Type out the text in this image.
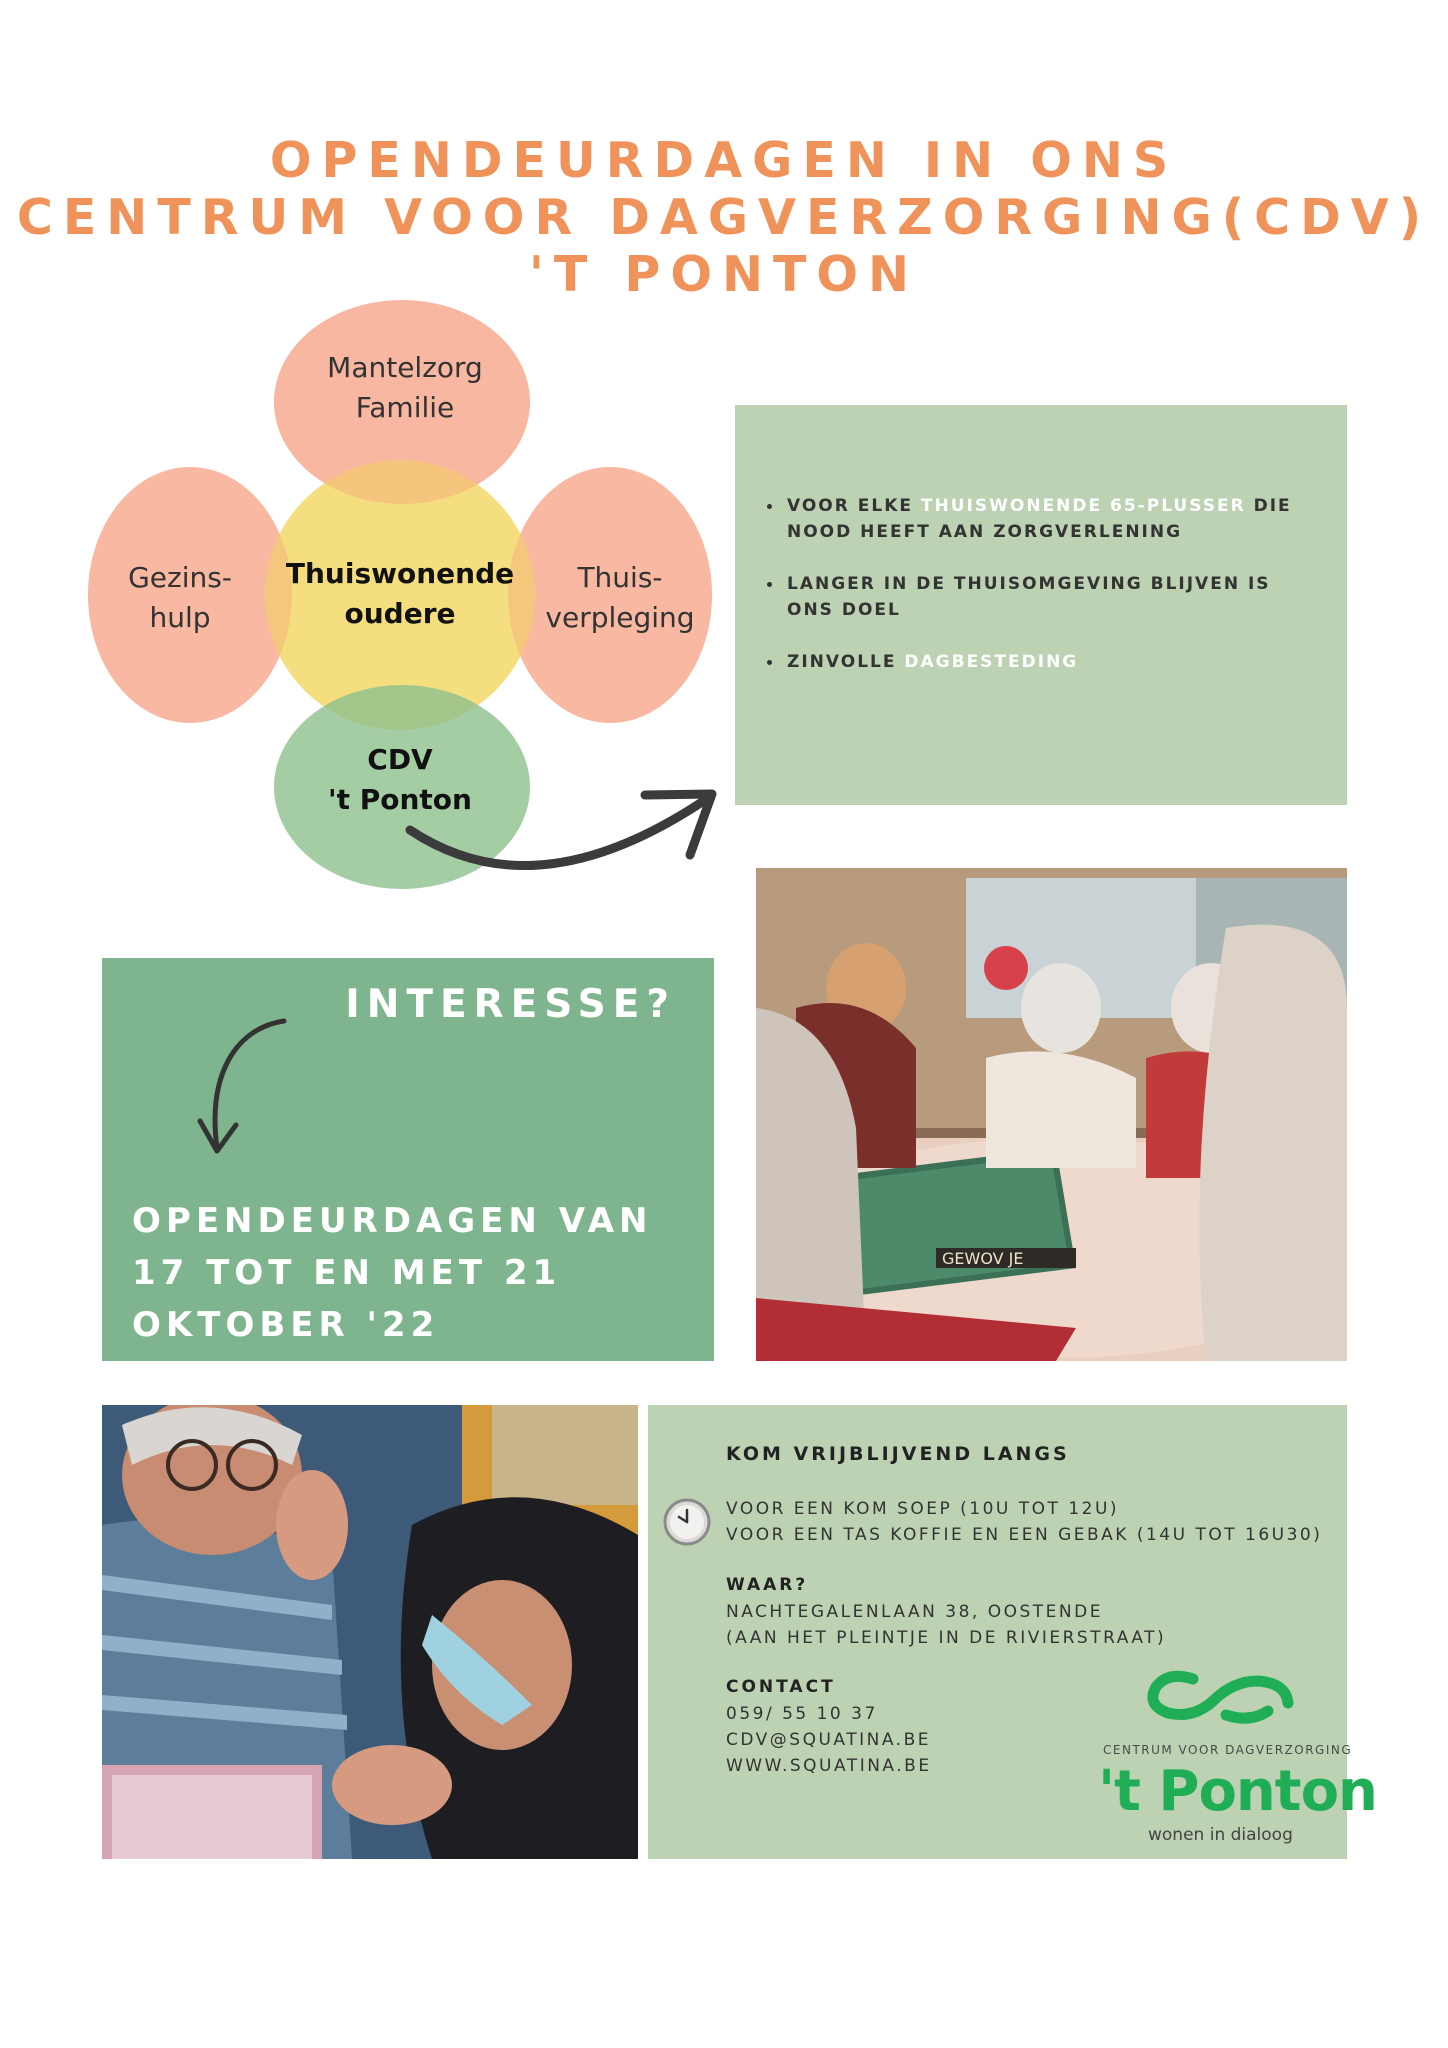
OPENDEURDAGEN IN ONS
CENTRUM VOOR DAGVERZORGING(CDV)
'T PONTON
Mantelzorg
Familie
Gezins-
hulp
Thuis-
verpleging
Thuiswonende
oudere
CDV
't Ponton
VOOR ELKE THUISWONENDE 65-PLUSSER DIE NOOD HEEFT AAN ZORGVERLENING
LANGER IN DE THUISOMGEVING BLIJVEN IS ONS DOEL
ZINVOLLE DAGBESTEDING
GEWOV JE
INTERESSE?
OPENDEURDAGEN VAN
17 TOT EN MET 21
OKTOBER '22
KOM VRIJBLIJVEND LANGS
VOOR EEN KOM SOEP (10U TOT 12U)
VOOR EEN TAS KOFFIE EN EEN GEBAK (14U TOT 16U30)
WAAR?
NACHTEGALENLAAN 38, OOSTENDE
(AAN HET PLEINTJE IN DE RIVIERSTRAAT)
CONTACT
059/ 55 10 37
CDV@SQUATINA.BE
WWW.SQUATINA.BE
CENTRUM VOOR DAGVERZORGING
't Ponton
wonen in dialoog
